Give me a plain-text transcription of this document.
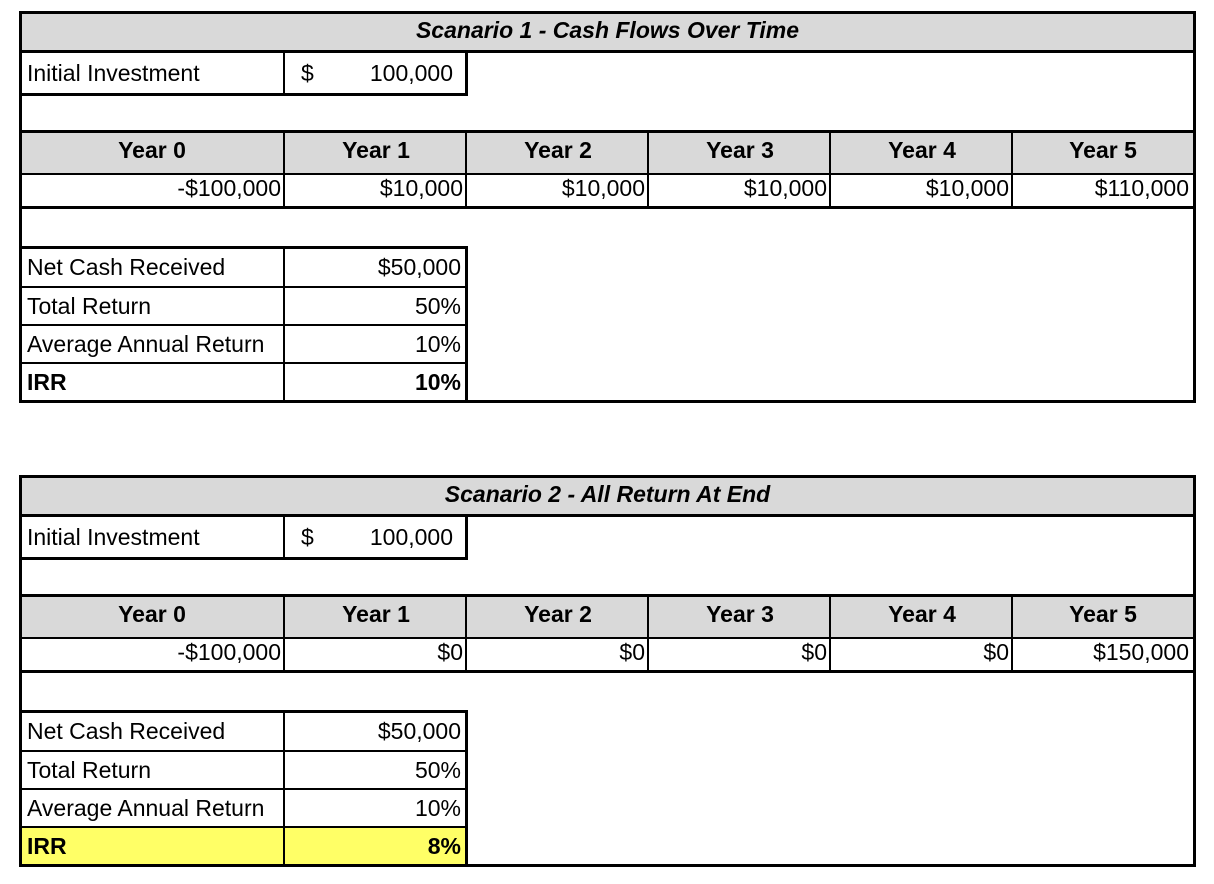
Scanario 1 - Cash Flows Over Time
Initial Investment	$	100,000
Year 0	Year 1	Year 2	Year 3	Year 4	Year 5
-$100,000	$10,000	$10,000	$10,000	$10,000	$110,000
Net Cash Received	$50,000
Total Return	50%
Average Annual Return	10%
IRR	10%
Scanario 2 - All Return At End
Initial Investment	$	100,000
Year 0	Year 1	Year 2	Year 3	Year 4	Year 5
-$100,000	$0	$0	$0	$0	$150,000
Net Cash Received	$50,000
Total Return	50%
Average Annual Return	10%
IRR	8%
